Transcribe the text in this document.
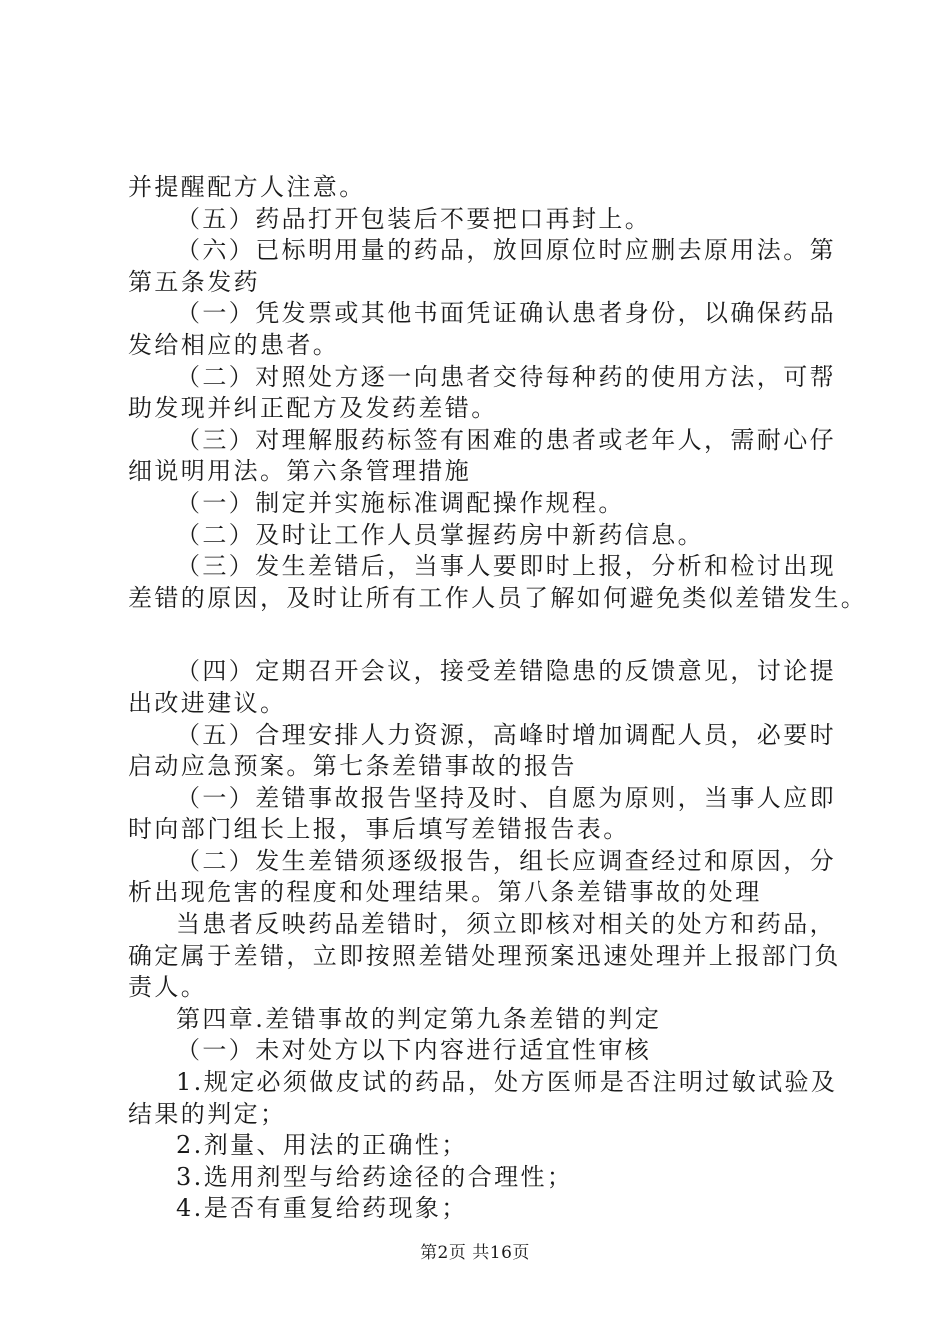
并提醒配方人注意。
（五）药品打开包装后不要把口再封上。
（六）已标明用量的药品，放回原位时应删去原用法。第
第五条发药
（一）凭发票或其他书面凭证确认患者身份，以确保药品
发给相应的患者。
（二）对照处方逐一向患者交待每种药的使用方法，可帮
助发现并纠正配方及发药差错。
（三）对理解服药标签有困难的患者或老年人，需耐心仔
细说明用法。第六条管理措施
（一）制定并实施标准调配操作规程。
（二）及时让工作人员掌握药房中新药信息。
（三）发生差错后，当事人要即时上报，分析和检讨出现
差错的原因，及时让所有工作人员了解如何避免类似差错发生。
（四）定期召开会议，接受差错隐患的反馈意见，讨论提
出改进建议。
（五）合理安排人力资源，高峰时增加调配人员，必要时
启动应急预案。第七条差错事故的报告
（一）差错事故报告坚持及时、自愿为原则，当事人应即
时向部门组长上报，事后填写差错报告表。
（二）发生差错须逐级报告，组长应调查经过和原因，分
析出现危害的程度和处理结果。第八条差错事故的处理
当患者反映药品差错时，须立即核对相关的处方和药品，
确定属于差错，立即按照差错处理预案迅速处理并上报部门负
责人。
第四章.差错事故的判定第九条差错的判定
（一）未对处方以下内容进行适宜性审核
1.规定必须做皮试的药品，处方医师是否注明过敏试验及
结果的判定；
2.剂量、用法的正确性；
3.选用剂型与给药途径的合理性；
4.是否有重复给药现象；
第2页 共16页
